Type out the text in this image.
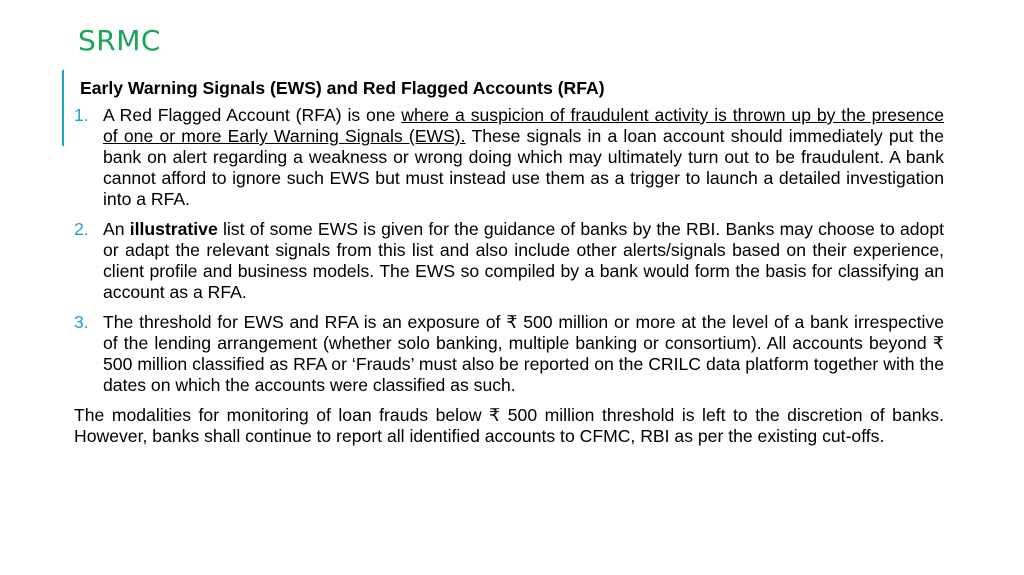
SRMC
Early Warning Signals (EWS) and Red Flagged Accounts (RFA)
1. A Red Flagged Account (RFA) is one where a suspicion of fraudulent activity is thrown up by the presence of one or more Early Warning Signals (EWS). These signals in a loan account should immediately put the bank on alert regarding a weakness or wrong doing which may ultimately turn out to be fraudulent. A bank cannot afford to ignore such EWS but must instead use them as a trigger to launch a detailed investigation into a RFA.
2. An illustrative list of some EWS is given for the guidance of banks by the RBI. Banks may choose to adopt or adapt the relevant signals from this list and also include other alerts/signals based on their experience, client profile and business models. The EWS so compiled by a bank would form the basis for classifying an account as a RFA.
3. The threshold for EWS and RFA is an exposure of ₹ 500 million or more at the level of a bank irrespective of the lending arrangement (whether solo banking, multiple banking or consortium). All accounts beyond ₹ 500 million classified as RFA or ‘Frauds’ must also be reported on the CRILC data platform together with the dates on which the accounts were classified as such.

The modalities for monitoring of loan frauds below ₹ 500 million threshold is left to the discretion of banks. However, banks shall continue to report all identified accounts to CFMC, RBI as per the existing cut-offs.
